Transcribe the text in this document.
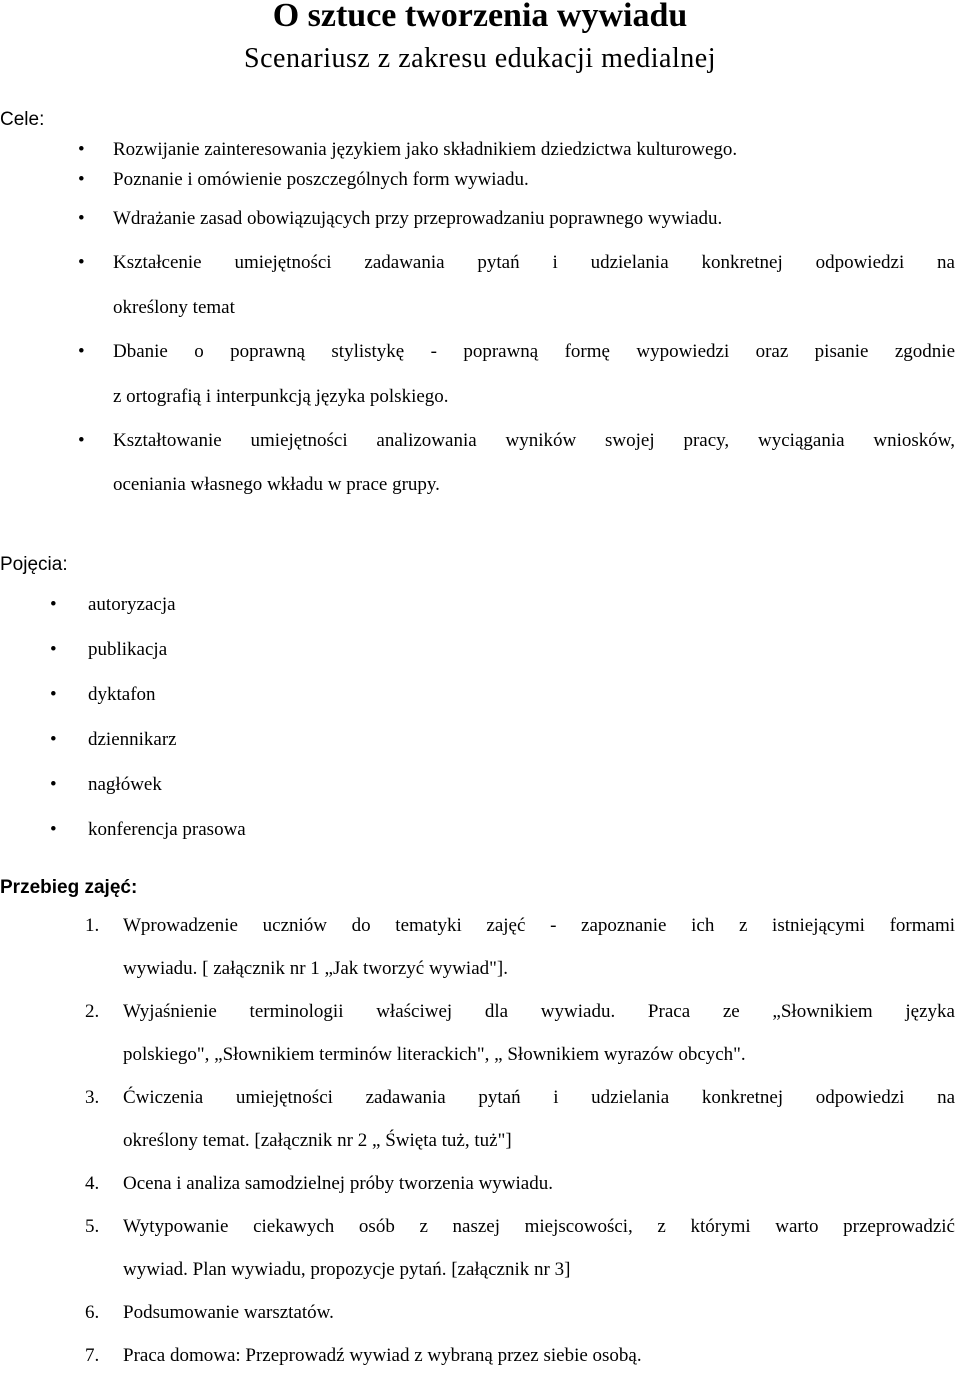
O sztuce tworzenia wywiadu
Scenariusz z zakresu edukacji medialnej
Cele:
• Rozwijanie zainteresowania językiem jako składnikiem dziedzictwa kulturowego.
• Poznanie i omówienie poszczególnych form wywiadu.
• Wdrażanie zasad obowiązujących przy przeprowadzaniu poprawnego wywiadu.
• Kształcenie umiejętności zadawania pytań i udzielania konkretnej odpowiedzi na
określony temat
• Dbanie o poprawną stylistykę - poprawną formę wypowiedzi oraz pisanie zgodnie
z ortografią i interpunkcją języka polskiego.
• Kształtowanie umiejętności analizowania wyników swojej pracy, wyciągania wniosków,
oceniania własnego wkładu w prace grupy.
Pojęcia:
• autoryzacja
• publikacja
• dyktafon
• dziennikarz
• nagłówek
• konferencja prasowa
Przebieg zajęć:
1. Wprowadzenie uczniów do tematyki zajęć - zapoznanie ich z istniejącymi formami
wywiadu. [ załącznik nr 1 „Jak tworzyć wywiad"].
2. Wyjaśnienie terminologii właściwej dla wywiadu. Praca ze „Słownikiem języka
polskiego", „Słownikiem terminów literackich", „ Słownikiem wyrazów obcych".
3. Ćwiczenia umiejętności zadawania pytań i udzielania konkretnej odpowiedzi na
określony temat. [załącznik nr 2 „ Święta tuż, tuż"]
4. Ocena i analiza samodzielnej próby tworzenia wywiadu.
5. Wytypowanie ciekawych osób z naszej miejscowości, z którymi warto przeprowadzić
wywiad. Plan wywiadu, propozycje pytań. [załącznik nr 3]
6. Podsumowanie warsztatów.
7. Praca domowa: Przeprowadź wywiad z wybraną przez siebie osobą.
